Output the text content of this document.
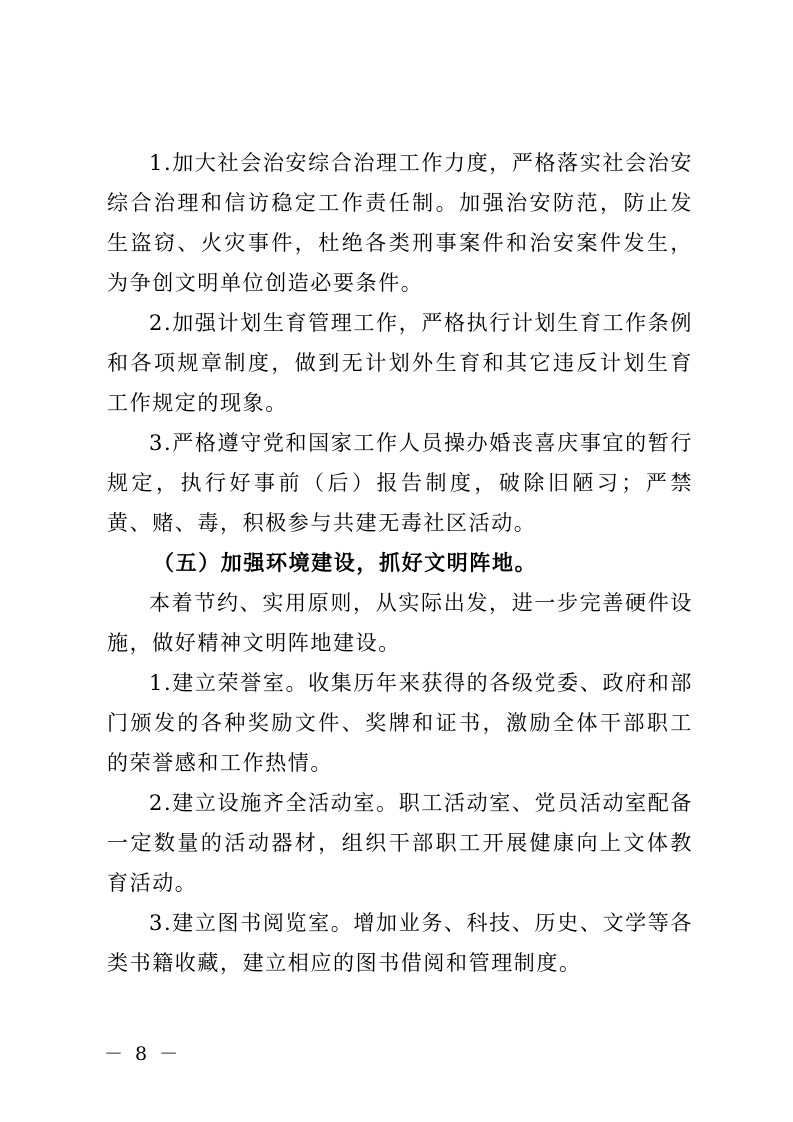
1.加大社会治安综合治理工作力度，严格落实社会治安综合治理和信访稳定工作责任制。加强治安防范，防止发生盗窃、火灾事件，杜绝各类刑事案件和治安案件发生，为争创文明单位创造必要条件。

2.加强计划生育管理工作，严格执行计划生育工作条例和各项规章制度，做到无计划外生育和其它违反计划生育工作规定的现象。

3.严格遵守党和国家工作人员操办婚丧喜庆事宜的暂行规定，执行好事前（后）报告制度，破除旧陋习；严禁黄、赌、毒，积极参与共建无毒社区活动。

（五）加强环境建设，抓好文明阵地。

本着节约、实用原则，从实际出发，进一步完善硬件设施，做好精神文明阵地建设。

1.建立荣誉室。收集历年来获得的各级党委、政府和部门颁发的各种奖励文件、奖牌和证书，激励全体干部职工的荣誉感和工作热情。

2.建立设施齐全活动室。职工活动室、党员活动室配备一定数量的活动器材，组织干部职工开展健康向上文体教育活动。

3.建立图书阅览室。增加业务、科技、历史、文学等各类书籍收藏，建立相应的图书借阅和管理制度。

－ 8 －
